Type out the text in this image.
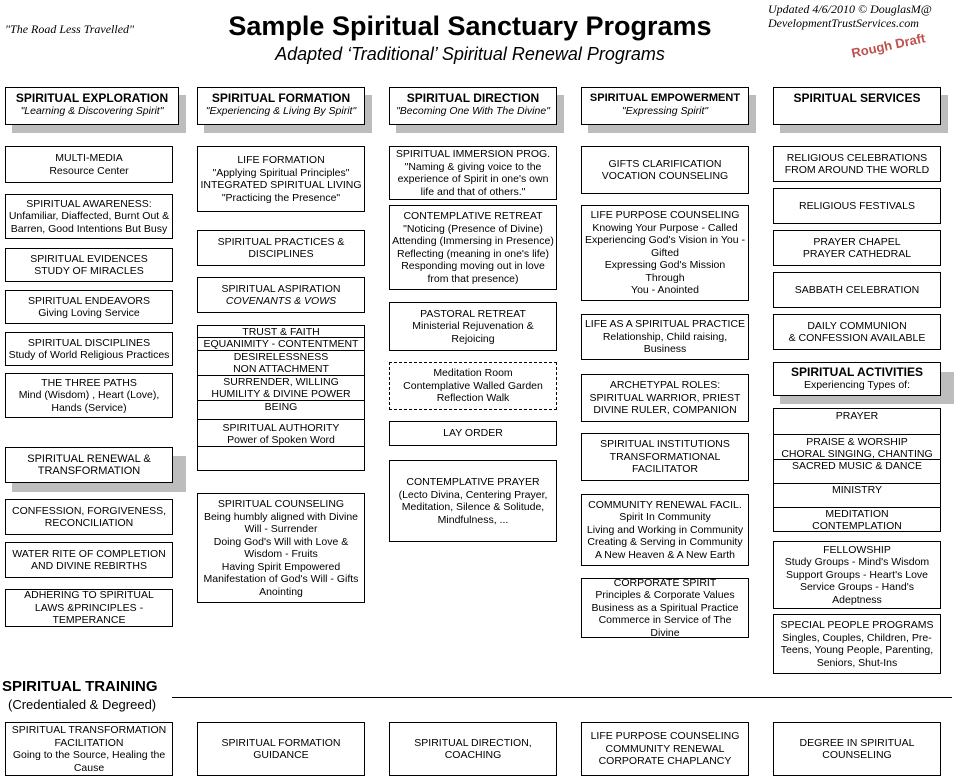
"The Road Less Travelled"	Sample Spiritual Sanctuary Programs
Adapted ‘Traditional’ Spiritual Renewal Programs
Updated 4/6/2010 © DouglasM@
DevelopmentTrustServices.com
Rough Draft
SPIRITUAL EXPLORATION
"Learning & Discovering Spirit"
SPIRITUAL FORMATION
"Experiencing & Living By Spirit"
SPIRITUAL DIRECTION
"Becoming One With The Divine"
SPIRITUAL EMPOWERMENT
"Expressing Spirit"
SPIRITUAL SERVICES
MULTI-MEDIA
Resource Center
SPIRITUAL AWARENESS:
Unfamiliar, Diaffected, Burnt Out &
Barren, Good Intentions But Busy
SPIRITUAL EVIDENCES
STUDY OF MIRACLES
SPIRITUAL ENDEAVORS
Giving Loving Service
SPIRITUAL DISCIPLINES
Study of World Religious Practices
THE THREE PATHS
Mind (Wisdom) , Heart (Love),
Hands (Service)
SPIRITUAL RENEWAL &
TRANSFORMATION
CONFESSION, FORGIVENESS,
RECONCILIATION
WATER RITE OF COMPLETION
AND DIVINE REBIRTHS
ADHERING TO SPIRITUAL
LAWS &PRINCIPLES -
TEMPERANCE
LIFE FORMATION
"Applying Spiritual Principles"
INTEGRATED SPIRITUAL LIVING
"Practicing the Presence"
SPIRITUAL PRACTICES &
DISCIPLINES
SPIRITUAL ASPIRATION
COVENANTS & VOWS
TRUST & FAITH
EQUANIMITY - CONTENTMENT
DESIRELESSNESS
NON ATTACHMENT
SURRENDER, WILLING
HUMILITY & DIVINE POWER
BEING
SPIRITUAL AUTHORITY
Power of Spoken Word
SPIRITUAL COUNSELING
Being humbly aligned with Divine
Will - Surrender
Doing God's Will with Love &
Wisdom - Fruits
Having Spirit Empowered
Manifestation of God's Will - Gifts
Anointing
SPIRITUAL IMMERSION PROG.
"Naming & giving voice to the
experience of Spirit in one's own
life and that of others."
CONTEMPLATIVE RETREAT
"Noticing (Presence of Divine)
Attending (Immersing in Presence)
Reflecting (meaning in one's life)
Responding moving out in love
from that presence)
PASTORAL RETREAT
Ministerial Rejuvenation &
Rejoicing
Meditation Room
Contemplative Walled Garden
Reflection Walk
LAY ORDER
CONTEMPLATIVE PRAYER
(Lecto Divina, Centering Prayer,
Meditation, Silence & Solitude,
Mindfulness, ...
GIFTS CLARIFICATION
VOCATION COUNSELING
LIFE PURPOSE COUNSELING
Knowing Your Purpose - Called
Experiencing God's Vision in You -
Gifted
Expressing God's Mission Through
You - Anointed
LIFE AS A SPIRITUAL PRACTICE
Relationship, Child raising,
Business
ARCHETYPAL ROLES:
SPIRITUAL WARRIOR, PRIEST
DIVINE RULER, COMPANION
SPIRITUAL INSTITUTIONS
TRANSFORMATIONAL
FACILITATOR
COMMUNITY RENEWAL FACIL.
Spirit In Community
Living and Working in Community
Creating & Serving in Community
A New Heaven & A New Earth
CORPORATE SPIRIT
Principles & Corporate Values
Business as a Spiritual Practice
Commerce in Service of The Divine
RELIGIOUS CELEBRATIONS
FROM AROUND THE WORLD
RELIGIOUS FESTIVALS
PRAYER CHAPEL
PRAYER CATHEDRAL
SABBATH CELEBRATION
DAILY COMMUNION
& CONFESSION AVAILABLE
SPIRITUAL ACTIVITIES
Experiencing Types of:
PRAYER
PRAISE & WORSHIP
CHORAL SINGING, CHANTING
SACRED MUSIC & DANCE
MINISTRY
MEDITATION
CONTEMPLATION
FELLOWSHIP
Study Groups - Mind's Wisdom
Support Groups - Heart's Love
Service Groups - Hand's
Adeptness
SPECIAL PEOPLE PROGRAMS
Singles, Couples, Children, Pre-
Teens, Young People, Parenting,
Seniors, Shut-Ins
SPIRITUAL TRAINING
(Credentialed & Degreed)
SPIRITUAL TRANSFORMATION
FACILITATION
Going to the Source, Healing the
Cause
SPIRITUAL FORMATION
GUIDANCE
SPIRITUAL DIRECTION,
COACHING
LIFE PURPOSE COUNSELING
COMMUNITY RENEWAL
CORPORATE CHAPLANCY
DEGREE IN SPIRITUAL
COUNSELING
